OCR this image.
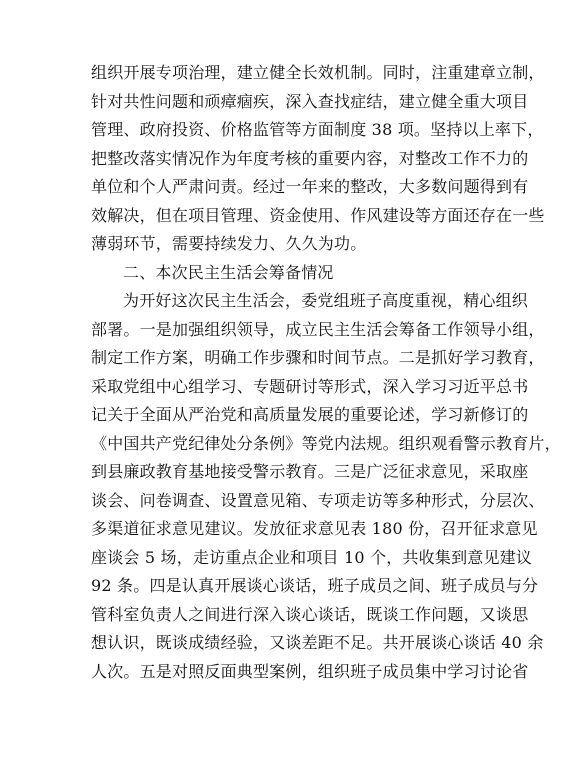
组织开展专项治理，建立健全长效机制。同时，注重建章立制，
针对共性问题和顽瘴痼疾，深入查找症结，建立健全重大项目
管理、政府投资、价格监管等方面制度 38 项。坚持以上率下，
把整改落实情况作为年度考核的重要内容，对整改工作不力的
单位和个人严肃问责。经过一年来的整改，大多数问题得到有
效解决，但在项目管理、资金使用、作风建设等方面还存在一些
薄弱环节，需要持续发力、久久为功。
二、本次民主生活会筹备情况
为开好这次民主生活会，委党组班子高度重视，精心组织
部署。一是加强组织领导，成立民主生活会筹备工作领导小组，
制定工作方案，明确工作步骤和时间节点。二是抓好学习教育，
采取党组中心组学习、专题研讨等形式，深入学习习近平总书
记关于全面从严治党和高质量发展的重要论述，学习新修订的
《中国共产党纪律处分条例》等党内法规。组织观看警示教育片，
到县廉政教育基地接受警示教育。三是广泛征求意见，采取座
谈会、问卷调查、设置意见箱、专项走访等多种形式，分层次、
多渠道征求意见建议。发放征求意见表 180 份，召开征求意见
座谈会 5 场，走访重点企业和项目 10 个，共收集到意见建议
92 条。四是认真开展谈心谈话，班子成员之间、班子成员与分
管科室负责人之间进行深入谈心谈话，既谈工作问题，又谈思
想认识，既谈成绩经验，又谈差距不足。共开展谈心谈话 40 余
人次。五是对照反面典型案例，组织班子成员集中学习讨论省
